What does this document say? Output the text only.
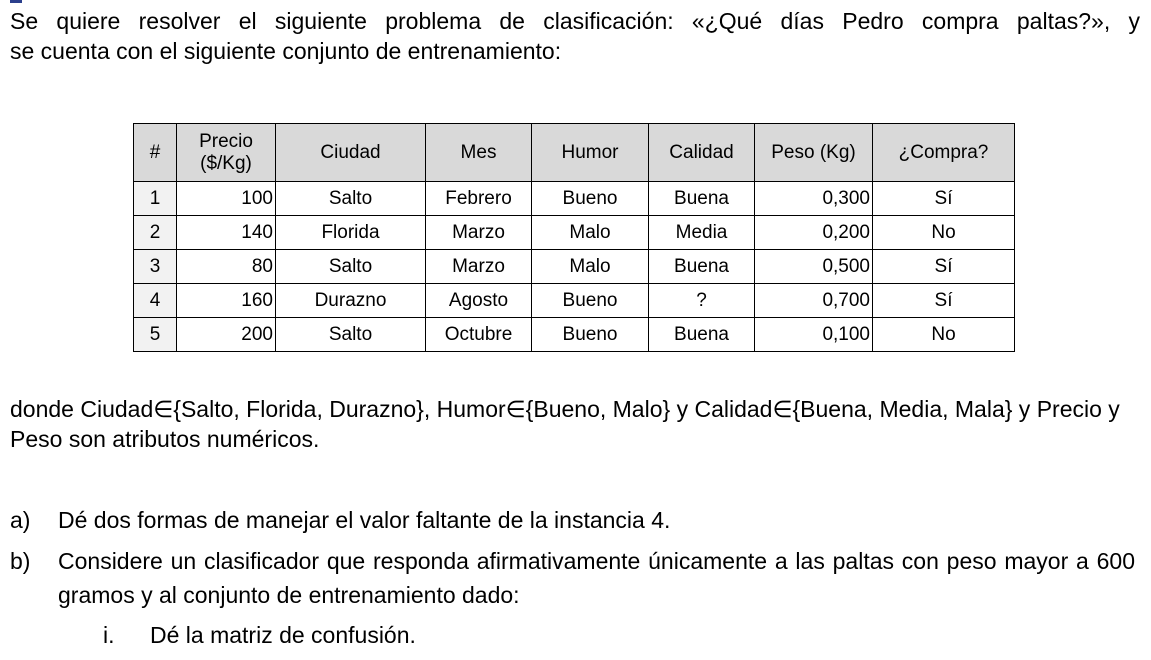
Se quiere resolver el siguiente problema de clasificación: «¿Qué días Pedro compra paltas?», y
se cuenta con el siguiente conjunto de entrenamiento:

#	Precio ($/Kg)	Ciudad	Mes	Humor	Calidad	Peso (Kg)	¿Compra?
1	100	Salto	Febrero	Bueno	Buena	0,300	Sí
2	140	Florida	Marzo	Malo	Media	0,200	No
3	80	Salto	Marzo	Malo	Buena	0,500	Sí
4	160	Durazno	Agosto	Bueno	?	0,700	Sí
5	200	Salto	Octubre	Bueno	Buena	0,100	No

donde Ciudad∈{Salto, Florida, Durazno}, Humor∈{Bueno, Malo} y Calidad∈{Buena, Media, Mala} y Precio y Peso son atributos numéricos.

a) Dé dos formas de manejar el valor faltante de la instancia 4.
b) Considere un clasificador que responda afirmativamente únicamente a las paltas con peso mayor a 600 gramos y al conjunto de entrenamiento dado:
i. Dé la matriz de confusión.
